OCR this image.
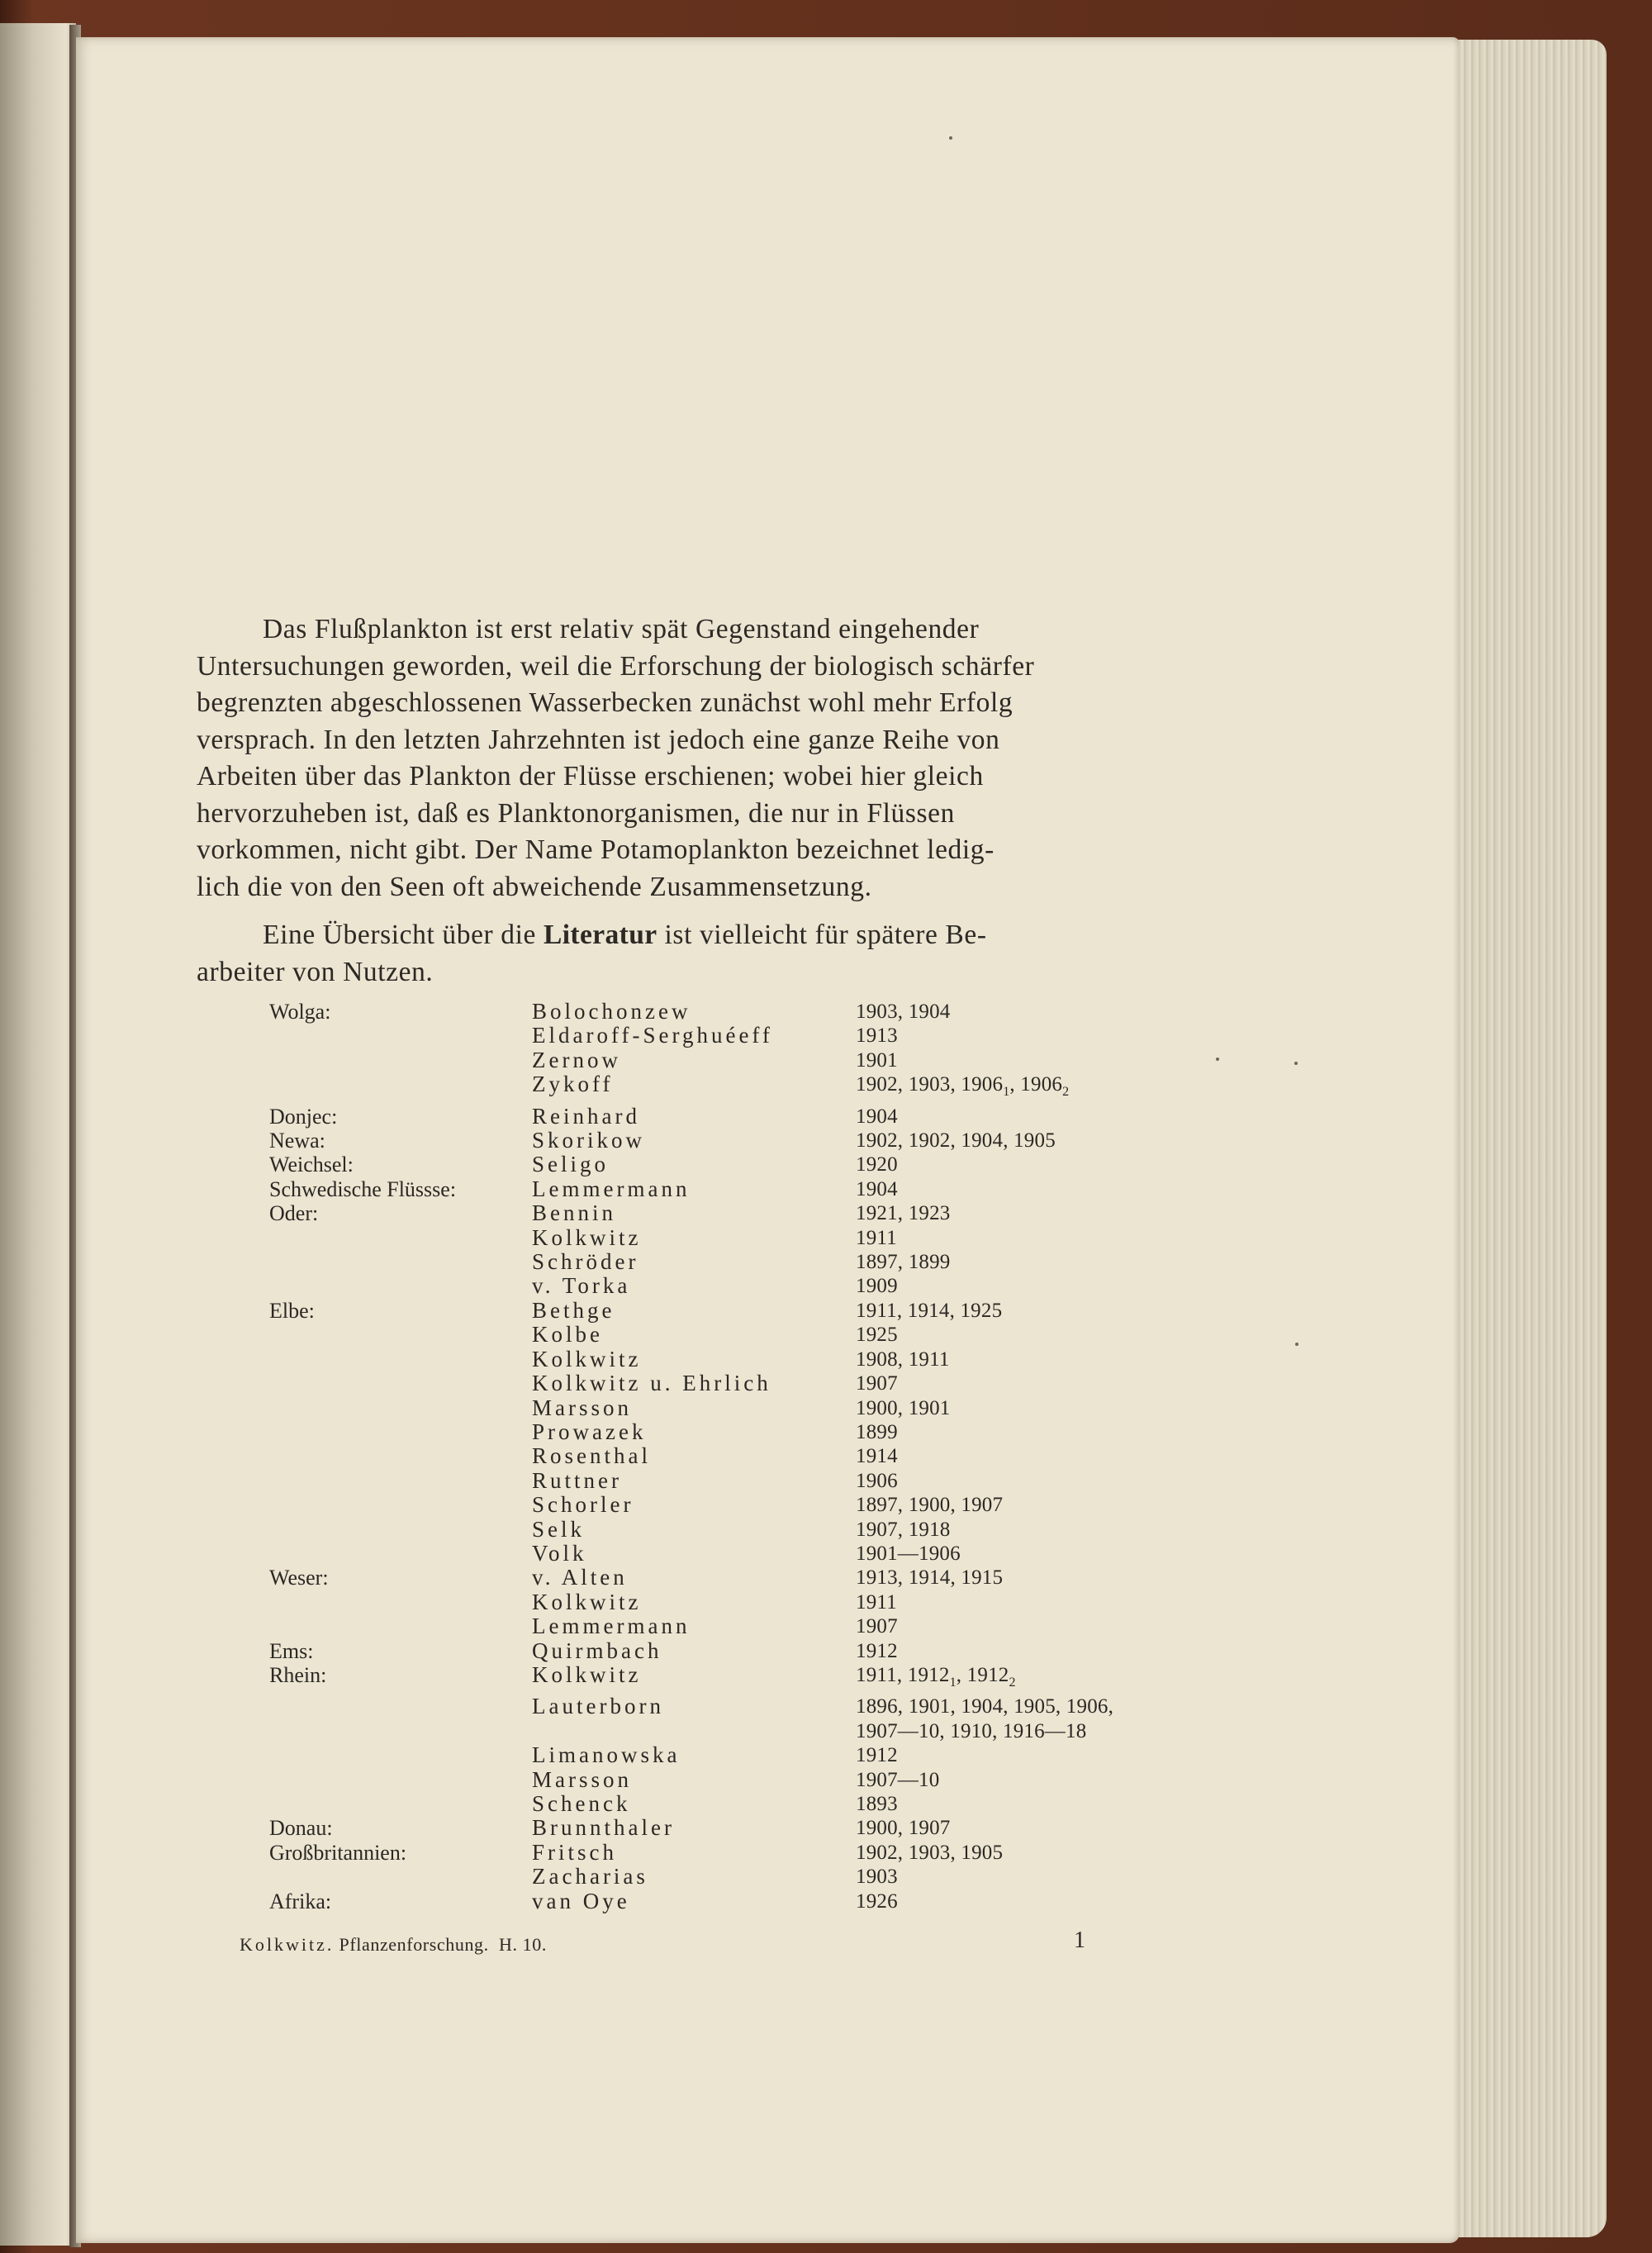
Das Flußplankton ist erst relativ spät Gegenstand eingehender
Untersuchungen geworden, weil die Erforschung der biologisch schärfer
begrenzten abgeschlossenen Wasserbecken zunächst wohl mehr Erfolg
versprach. In den letzten Jahrzehnten ist jedoch eine ganze Reihe von
Arbeiten über das Plankton der Flüsse erschienen; wobei hier gleich
hervorzuheben ist, daß es Planktonorganismen, die nur in Flüssen
vorkommen, nicht gibt. Der Name Potamoplankton bezeichnet ledig-
lich die von den Seen oft abweichende Zusammensetzung.

Eine Übersicht über die Literatur ist vielleicht für spätere Be-
arbeiter von Nutzen.

Wolga:	Bolochonzew	1903, 1904
	Eldaroff-Serghuéeff	1913
	Zernow	1901
	Zykoff	1902, 1903, $1906_1$, $1906_2$
Donjec:	Reinhard	1904
Newa:	Skorikow	1902, 1902, 1904, 1905
Weichsel:	Seligo	1920
Schwedische Flüssse:	Lemmermann	1904
Oder:	Bennin	1921, 1923
	Kolkwitz	1911
	Schröder	1897, 1899
	v. Torka	1909
Elbe:	Bethge	1911, 1914, 1925
	Kolbe	1925
	Kolkwitz	1908, 1911
	Kolkwitz u. Ehrlich	1907
	Marsson	1900, 1901
	Prowazek	1899
	Rosenthal	1914
	Ruttner	1906
	Schorler	1897, 1900, 1907
	Selk	1907, 1918
	Volk	1901—1906
Weser:	v. Alten	1913, 1914, 1915
	Kolkwitz	1911
	Lemmermann	1907
Ems:	Quirmbach	1912
Rhein:	Kolkwitz	1911, $1912_1$, $1912_2$
	Lauterborn	1896, 1901, 1904, 1905, 1906,
		1907—10, 1910, 1916—18
	Limanowska	1912
	Marsson	1907—10
	Schenck	1893
Donau:	Brunnthaler	1900, 1907
Großbritannien:	Fritsch	1902, 1903, 1905
	Zacharias	1903
Afrika:	van Oye	1926
Kolkwitz. Pflanzenforschung. H. 10.	1
